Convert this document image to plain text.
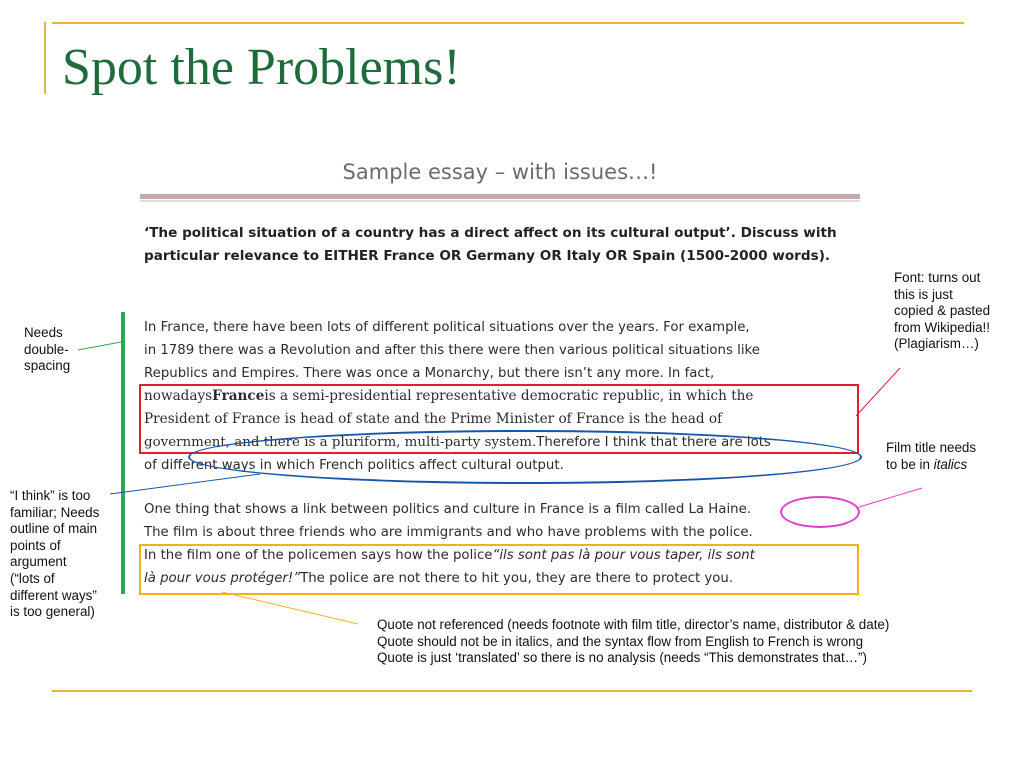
Spot the Problems!
Sample essay – with issues…!
‘The political situation of a country has a direct affect on its cultural output’. Discuss with
particular relevance to EITHER France OR Germany OR Italy OR Spain (1500-2000 words).
In France, there have been lots of different political situations over the years. For example,
in 1789 there was a Revolution and after this there were then various political situations like
Republics and Empires. There was once a Monarchy, but there isn’t any more. In fact,
nowadays France is a semi-presidential representative democratic republic, in which the
President of France is head of state and the Prime Minister of France is the head of
government, and there is a pluriform, multi-party system. Therefore I think that there are lots
of different ways in which French politics affect cultural output.
One thing that shows a link between politics and culture in France is a film called La Haine.
The film is about three friends who are immigrants and who have problems with the police.
In the film one of the policemen says how the police “ils sont pas là pour vous taper, ils sont
là pour vous protéger!” The police are not there to hit you, they are there to protect you.
Needs
double-
spacing
Font: turns out
this is just
copied & pasted
from Wikipedia!!
(Plagiarism…)
Film title needs
to be in italics
“I think” is too
familiar; Needs
outline of main
points of
argument
(“lots of
different ways”
is too general)
Quote not referenced (needs footnote with film title, director’s name, distributor & date)
Quote should not be in italics, and the syntax flow from English to French is wrong
Quote is just ‘translated’ so there is no analysis (needs “This demonstrates that…”)
